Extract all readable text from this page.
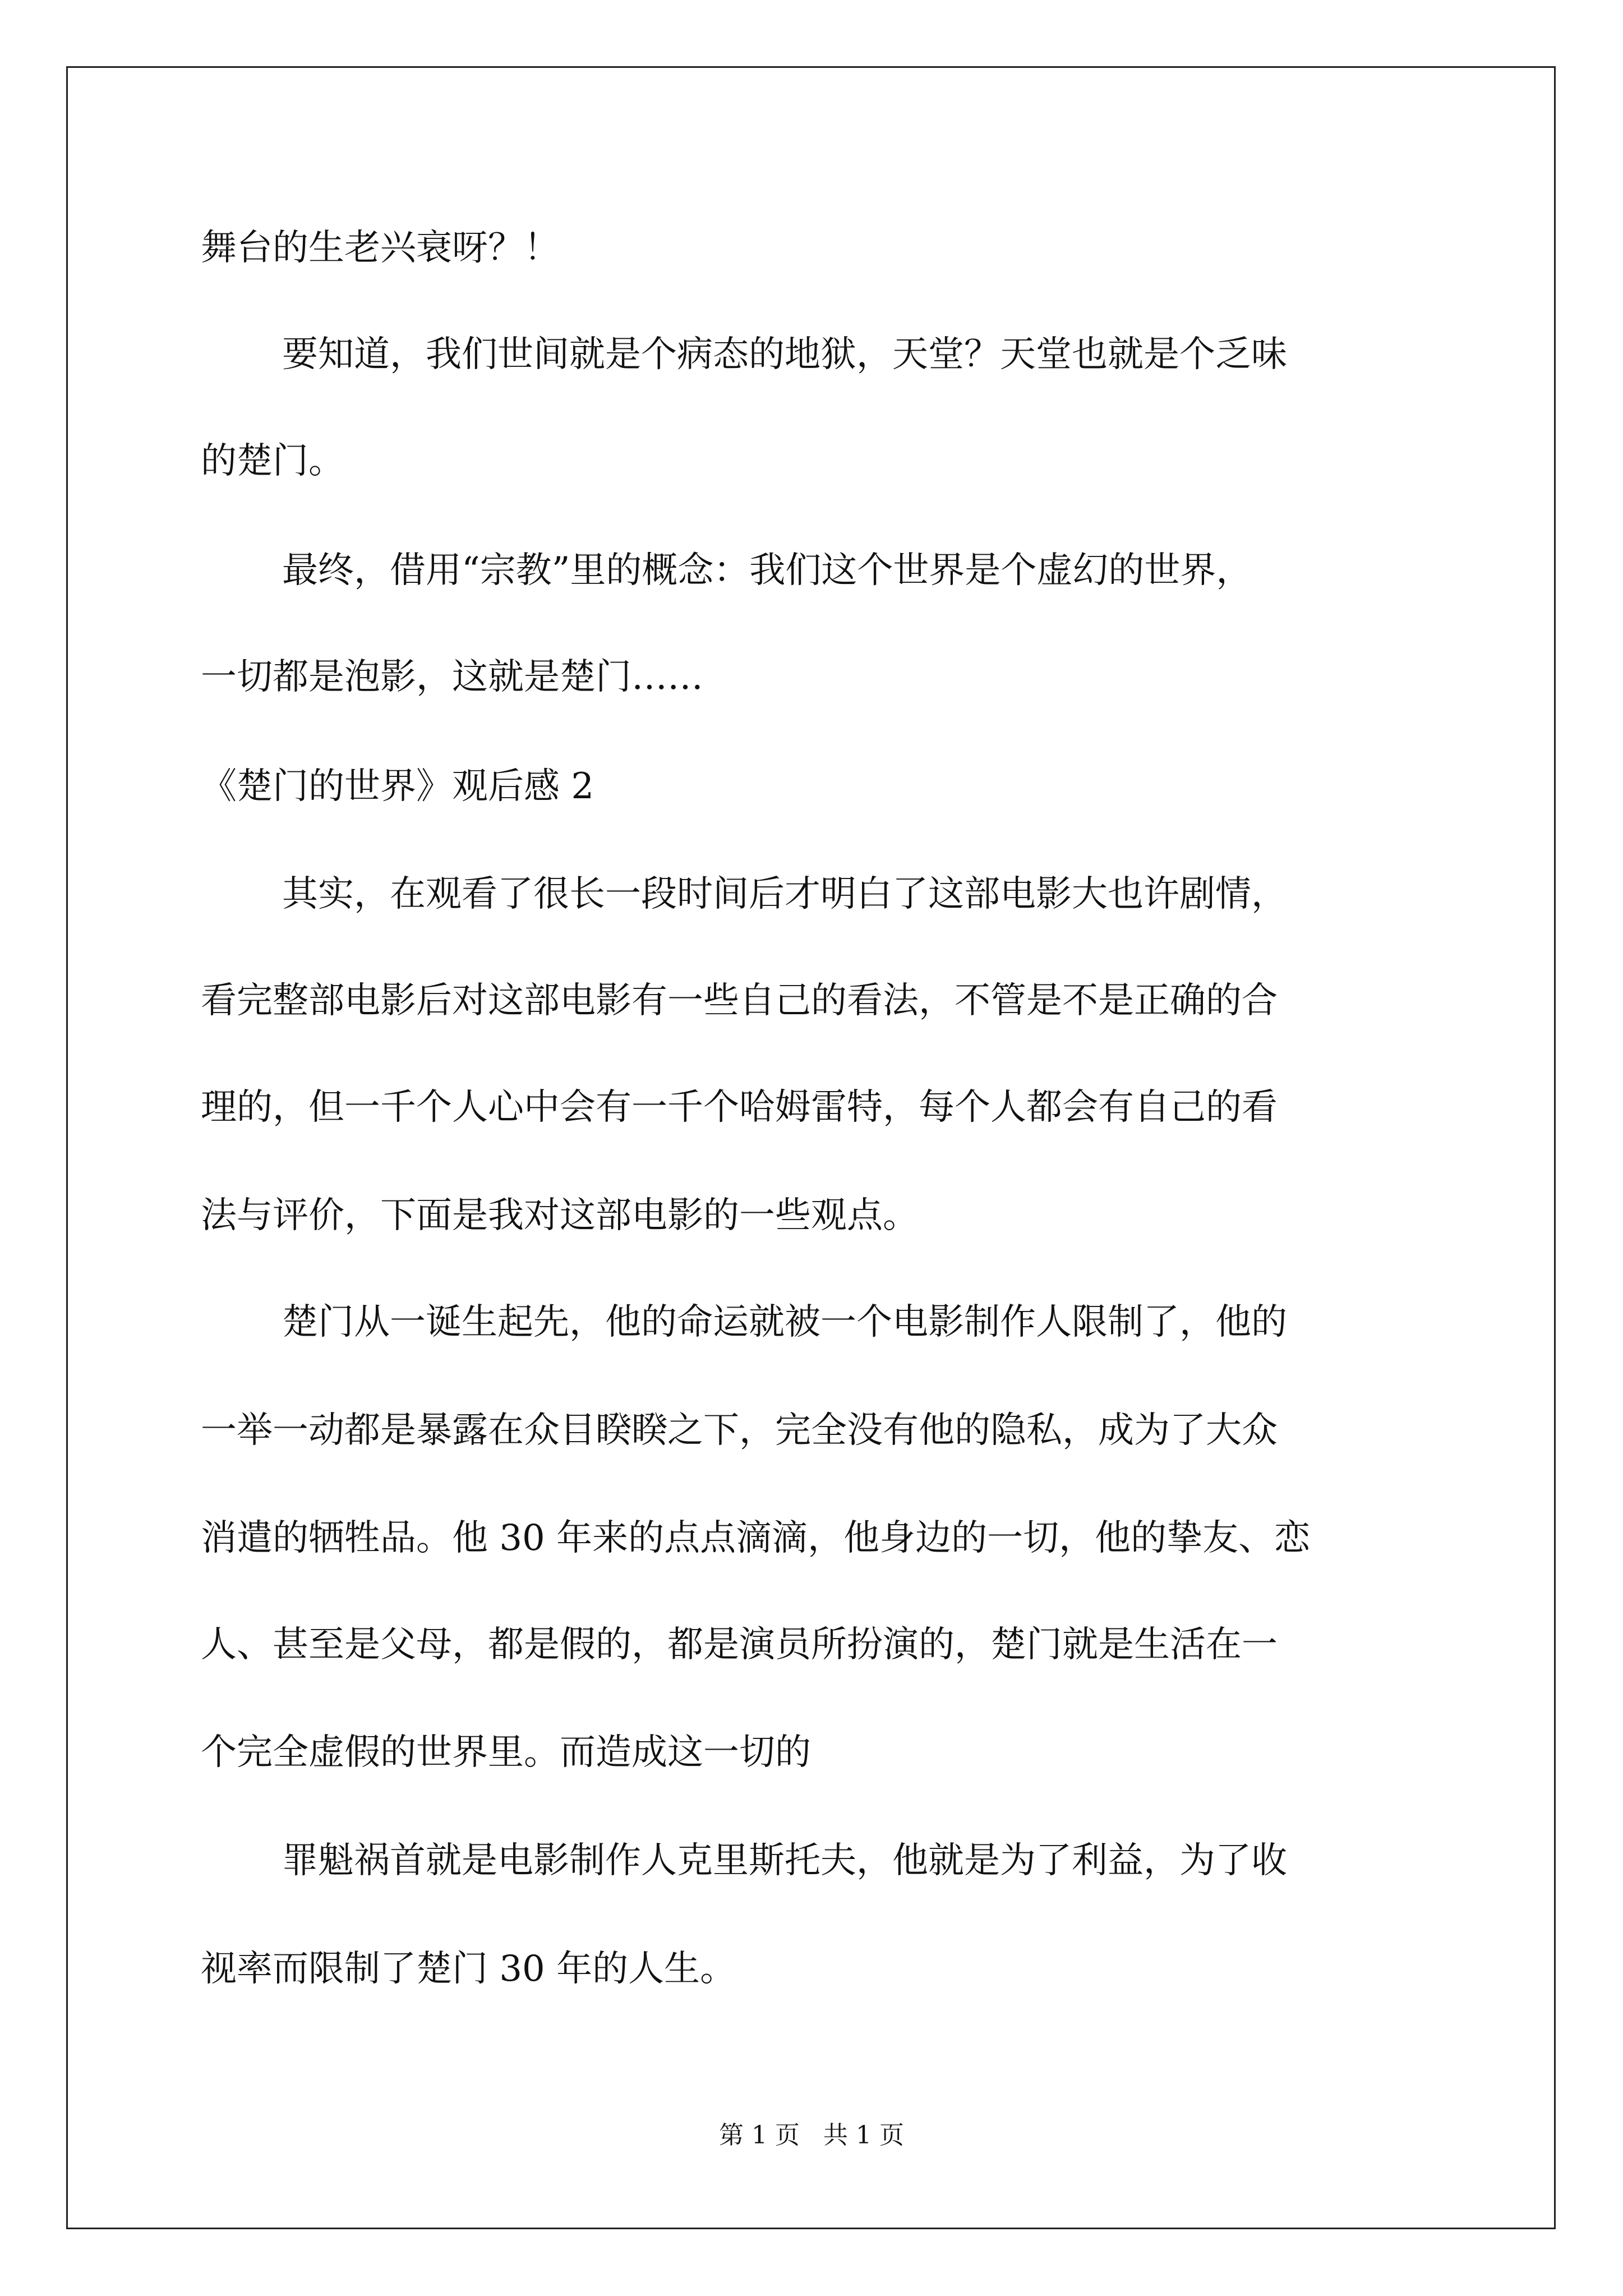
舞台的生老兴衰呀？！
要知道，我们世间就是个病态的地狱，天堂？天堂也就是个乏味
的楚门。
最终，借用“宗教”里的概念：我们这个世界是个虚幻的世界，
一切都是泡影，这就是楚门……
《楚门的世界》观后感 2
其实，在观看了很长一段时间后才明白了这部电影大也许剧情，
看完整部电影后对这部电影有一些自己的看法，不管是不是正确的合
理的，但一千个人心中会有一千个哈姆雷特，每个人都会有自己的看
法与评价，下面是我对这部电影的一些观点。
楚门从一诞生起先，他的命运就被一个电影制作人限制了，他的
一举一动都是暴露在众目睽睽之下，完全没有他的隐私，成为了大众
消遣的牺牲品。他 30 年来的点点滴滴，他身边的一切，他的挚友、恋
人、甚至是父母，都是假的，都是演员所扮演的，楚门就是生活在一
个完全虚假的世界里。而造成这一切的
罪魁祸首就是电影制作人克里斯托夫，他就是为了利益，为了收
视率而限制了楚门 30 年的人生。
第 1 页   共 1 页
